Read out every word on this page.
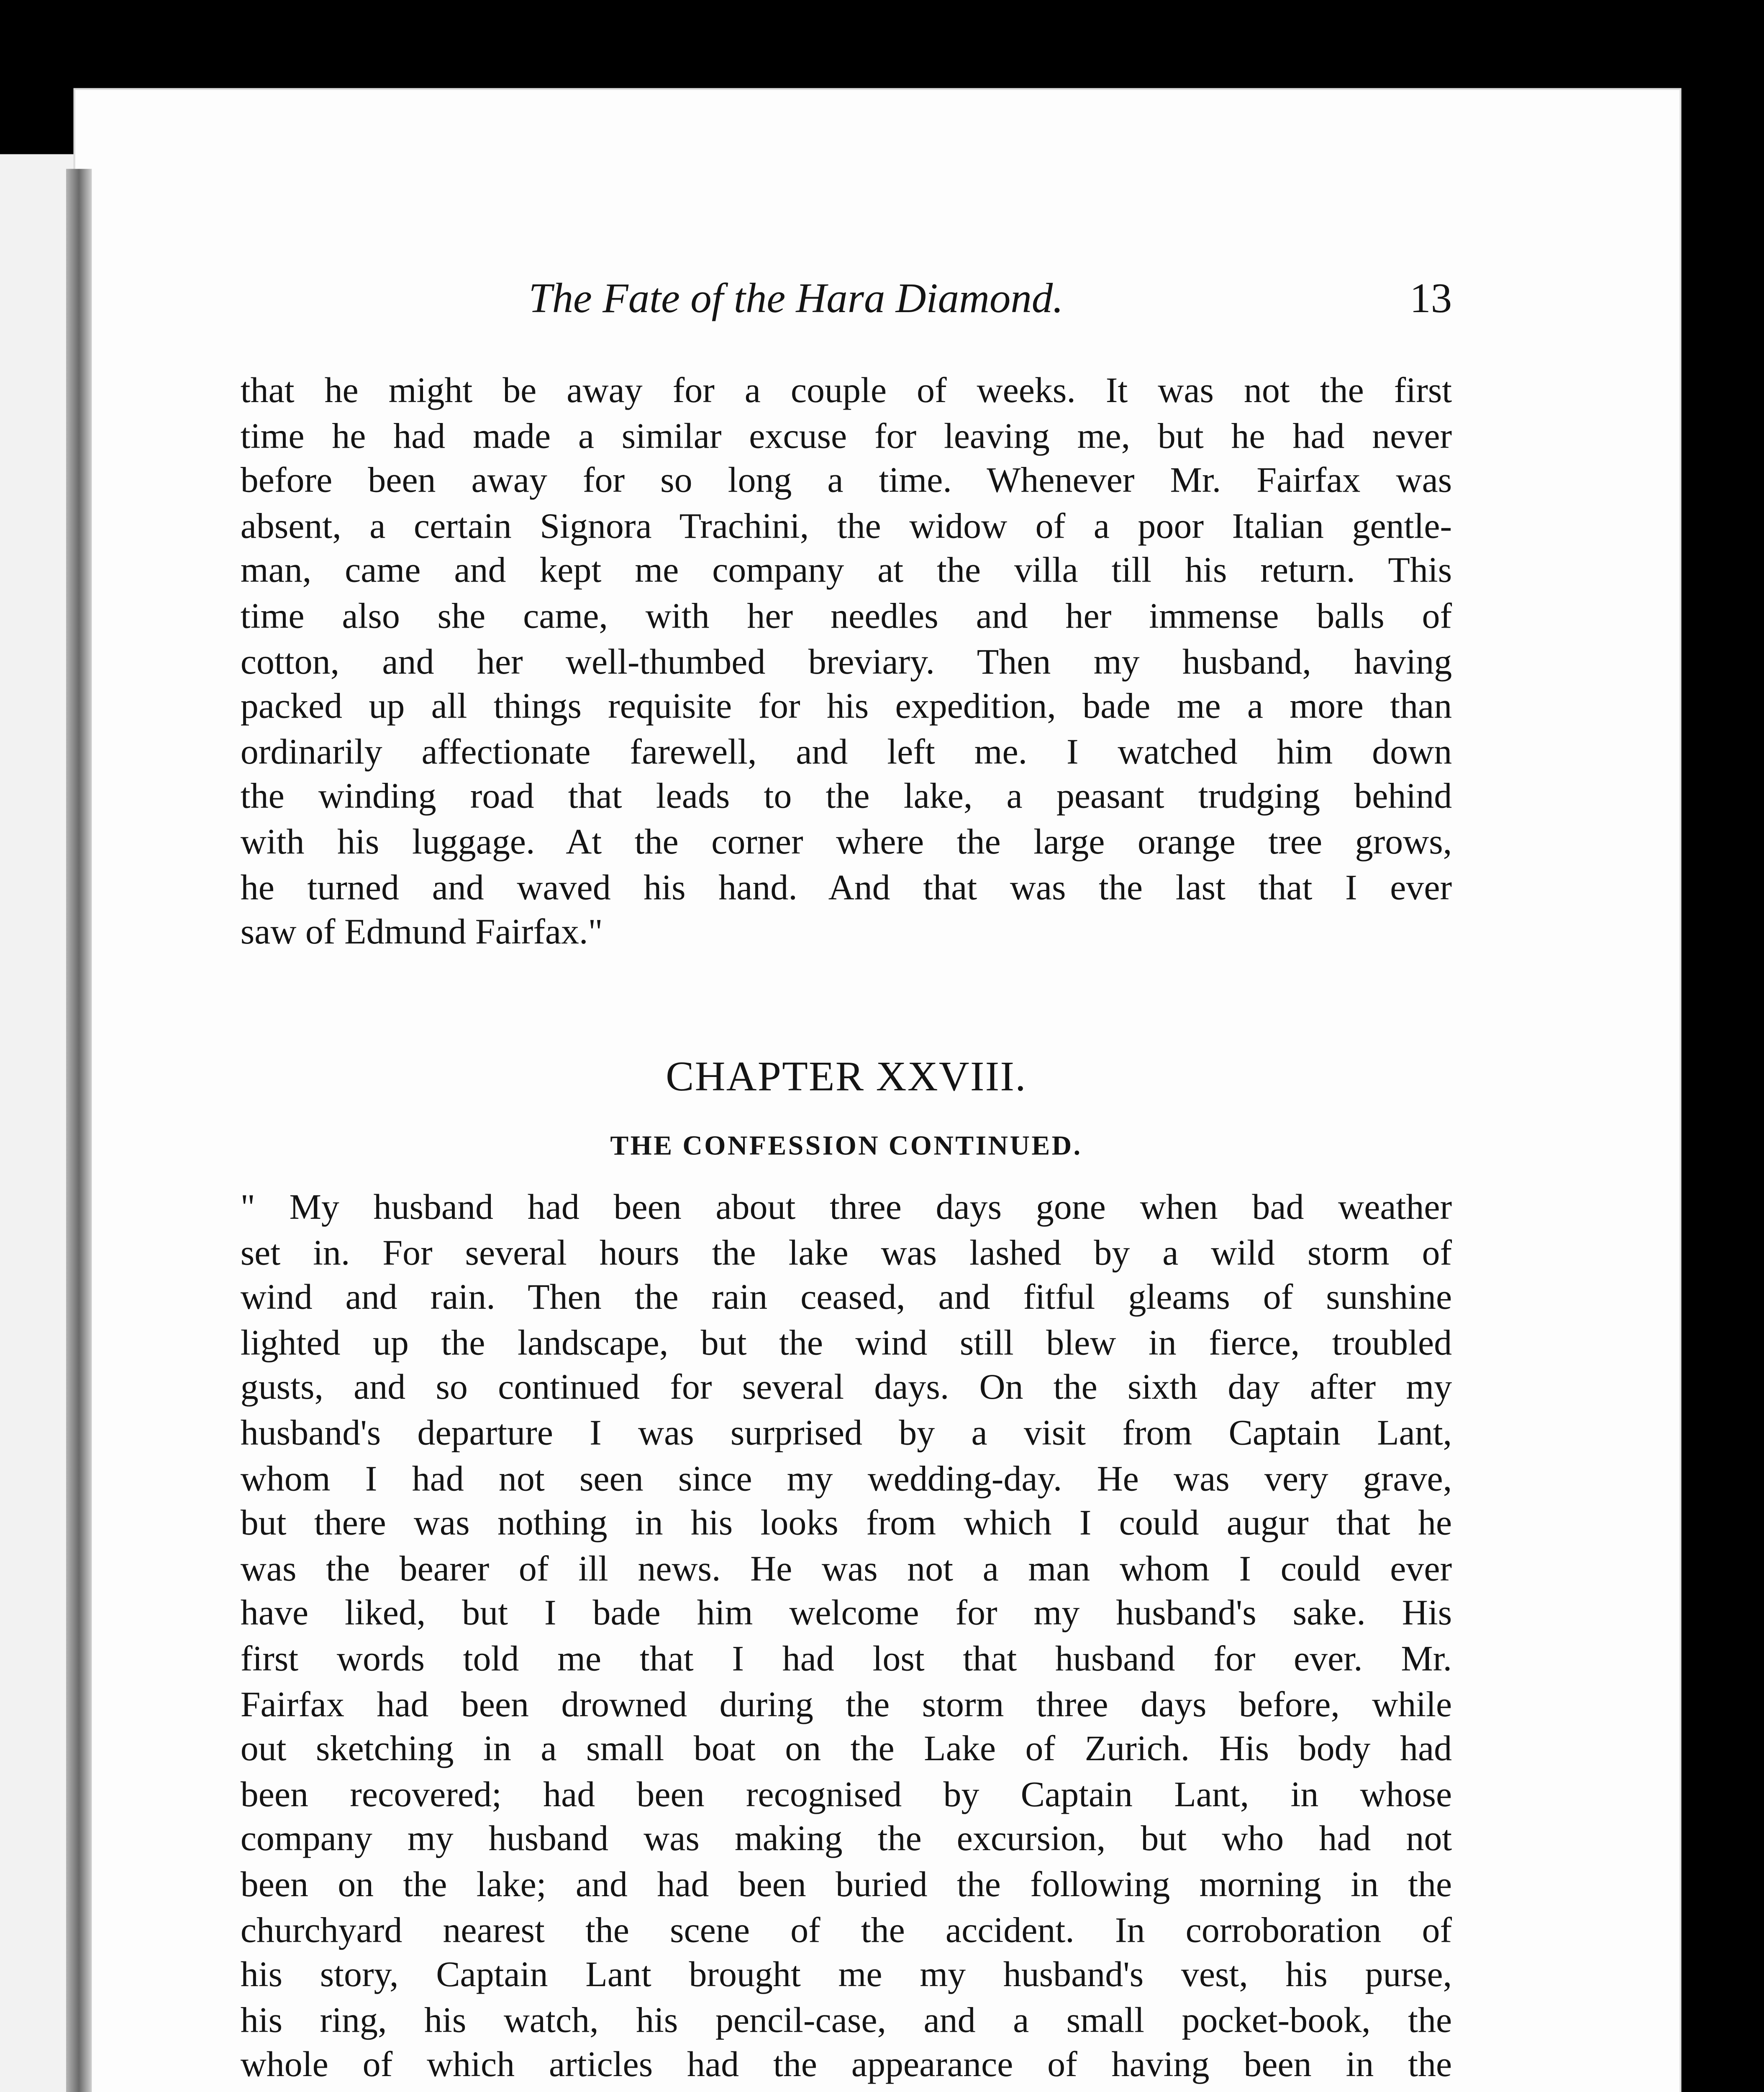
The Fate of the Hara Diamond.	13
that he might be away for a couple of weeks. It was not the first
time he had made a similar excuse for leaving me, but he had never
before been away for so long a time. Whenever Mr. Fairfax was
absent, a certain Signora Trachini, the widow of a poor Italian gentle-
man, came and kept me company at the villa till his return. This
time also she came, with her needles and her immense balls of
cotton, and her well-thumbed breviary. Then my husband, having
packed up all things requisite for his expedition, bade me a more than
ordinarily affectionate farewell, and left me. I watched him down
the winding road that leads to the lake, a peasant trudging behind
with his luggage. At the corner where the large orange tree grows,
he turned and waved his hand. And that was the last that I ever
saw of Edmund Fairfax."
CHAPTER XXVIII.
THE CONFESSION CONTINUED.
" My husband had been about three days gone when bad weather
set in. For several hours the lake was lashed by a wild storm of
wind and rain. Then the rain ceased, and fitful gleams of sunshine
lighted up the landscape, but the wind still blew in fierce, troubled
gusts, and so continued for several days. On the sixth day after my
husband's departure I was surprised by a visit from Captain Lant,
whom I had not seen since my wedding-day. He was very grave,
but there was nothing in his looks from which I could augur that he
was the bearer of ill news. He was not a man whom I could ever
have liked, but I bade him welcome for my husband's sake. His
first words told me that I had lost that husband for ever. Mr.
Fairfax had been drowned during the storm three days before, while
out sketching in a small boat on the Lake of Zurich. His body had
been recovered; had been recognised by Captain Lant, in whose
company my husband was making the excursion, but who had not
been on the lake; and had been buried the following morning in the
churchyard nearest the scene of the accident. In corroboration of
his story, Captain Lant brought me my husband's vest, his purse,
his ring, his watch, his pencil-case, and a small pocket-book, the
whole of which articles had the appearance of having been in the
